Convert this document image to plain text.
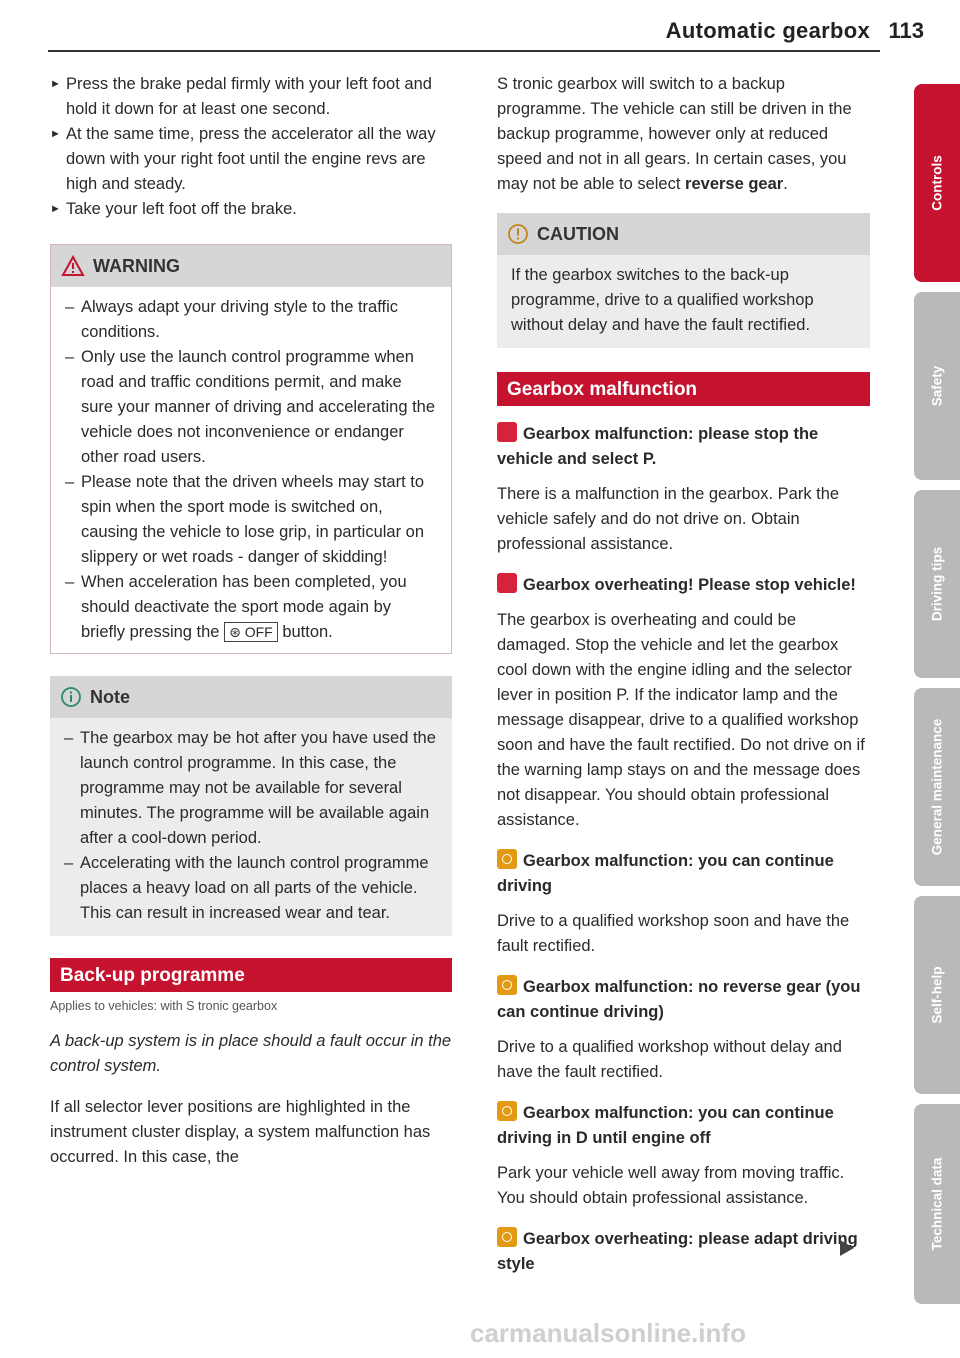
Automatic gearbox 113

► Press the brake pedal firmly with your left foot and hold it down for at least one second.

► At the same time, press the accelerator all the way down with your right foot until the engine revs are high and steady.

► Take your left foot off the brake.

WARNING

– Always adapt your driving style to the traffic conditions.

– Only use the launch control programme when road and traffic conditions permit, and make sure your manner of driving and accelerating the vehicle does not inconvenience or endanger other road users.

– Please note that the driven wheels may start to spin when the sport mode is switched on, causing the vehicle to lose grip, in particular on slippery or wet roads - danger of skidding!

– When acceleration has been completed, you should deactivate the sport mode again by briefly pressing the ⊛ OFF button.

Note

– The gearbox may be hot after you have used the launch control programme. In this case, the programme may not be available for several minutes. The programme will be available again after a cool-down period.

– Accelerating with the launch control programme places a heavy load on all parts of the vehicle. This can result in increased wear and tear.

Back-up programme
Applies to vehicles: with S tronic gearbox

A back-up system is in place should a fault occur in the control system.

If all selector lever positions are highlighted in the instrument cluster display, a system malfunction has occurred. In this case, the

S tronic gearbox will switch to a backup programme. The vehicle can still be driven in the backup programme, however only at reduced speed and not in all gears. In certain cases, you may not be able to select reverse gear.

CAUTION

If the gearbox switches to the back-up programme, drive to a qualified workshop without delay and have the fault rectified.

Gearbox malfunction

Gearbox malfunction: please stop the vehicle and select P.

There is a malfunction in the gearbox. Park the vehicle safely and do not drive on. Obtain professional assistance.

Gearbox overheating! Please stop vehicle!

The gearbox is overheating and could be damaged. Stop the vehicle and let the gearbox cool down with the engine idling and the selector lever in position P. If the indicator lamp and the message disappear, drive to a qualified workshop soon and have the fault rectified. Do not drive on if the warning lamp stays on and the message does not disappear. You should obtain professional assistance.

Gearbox malfunction: you can continue driving

Drive to a qualified workshop soon and have the fault rectified.

Gearbox malfunction: no reverse gear (you can continue driving)

Drive to a qualified workshop without delay and have the fault rectified.

Gearbox malfunction: you can continue driving in D until engine off

Park your vehicle well away from moving traffic. You should obtain professional assistance.

Gearbox overheating: please adapt driving style

Controls
Safety
Driving tips
General maintenance
Self-help
Technical data
carmanualsonline.info
